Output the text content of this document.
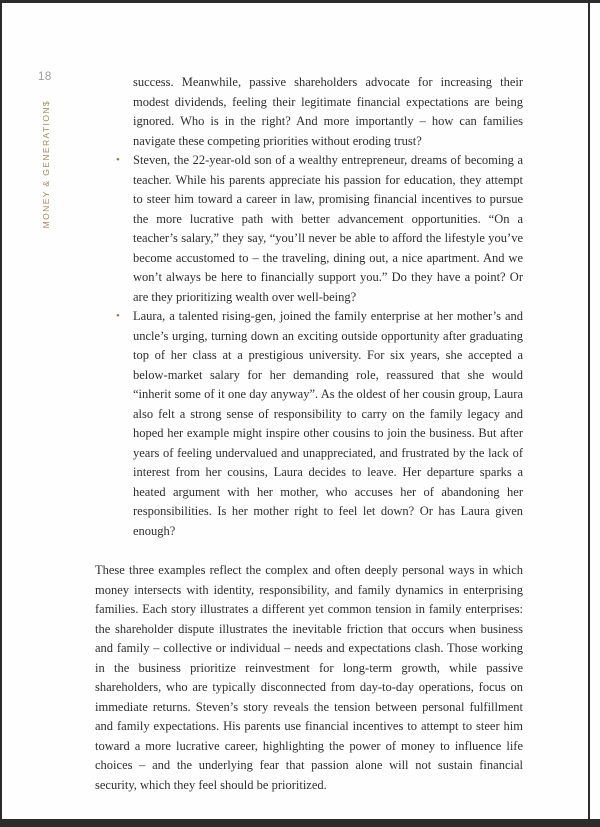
18
MONEY & GENERATION$
success. Meanwhile, passive shareholders advocate for increasing their modest dividends, feeling their legitimate financial expectations are being ignored. Who is in the right? And more importantly – how can families navigate these competing priorities without eroding trust?
• Steven, the 22-year-old son of a wealthy entrepreneur, dreams of becoming a teacher. While his parents appreciate his passion for education, they attempt to steer him toward a career in law, promising financial incentives to pursue the more lucrative path with better advancement opportunities. “On a teacher’s salary,” they say, “you’ll never be able to afford the lifestyle you’ve become accustomed to – the traveling, dining out, a nice apartment. And we won’t always be here to financially support you.” Do they have a point? Or are they prioritizing wealth over well-being?
• Laura, a talented rising-gen, joined the family enterprise at her mother’s and uncle’s urging, turning down an exciting outside opportunity after graduating top of her class at a prestigious university. For six years, she accepted a below-market salary for her demanding role, reassured that she would “inherit some of it one day anyway”. As the oldest of her cousin group, Laura also felt a strong sense of responsibility to carry on the family legacy and hoped her example might inspire other cousins to join the business. But after years of feeling undervalued and unappreciated, and frustrated by the lack of interest from her cousins, Laura decides to leave. Her departure sparks a heated argument with her mother, who accuses her of abandoning her responsibilities. Is her mother right to feel let down? Or has Laura given enough?
These three examples reflect the complex and often deeply personal ways in which money intersects with identity, responsibility, and family dynamics in enterprising families. Each story illustrates a different yet common tension in family enterprises: the shareholder dispute illustrates the inevitable friction that occurs when business and family – collective or individual – needs and expectations clash. Those working in the business prioritize reinvestment for long-term growth, while passive shareholders, who are typically disconnected from day-to-day operations, focus on immediate returns. Steven’s story reveals the tension between personal fulfillment and family expectations. His parents use financial incentives to attempt to steer him toward a more lucrative career, highlighting the power of money to influence life choices – and the underlying fear that passion alone will not sustain financial security, which they feel should be prioritized.
